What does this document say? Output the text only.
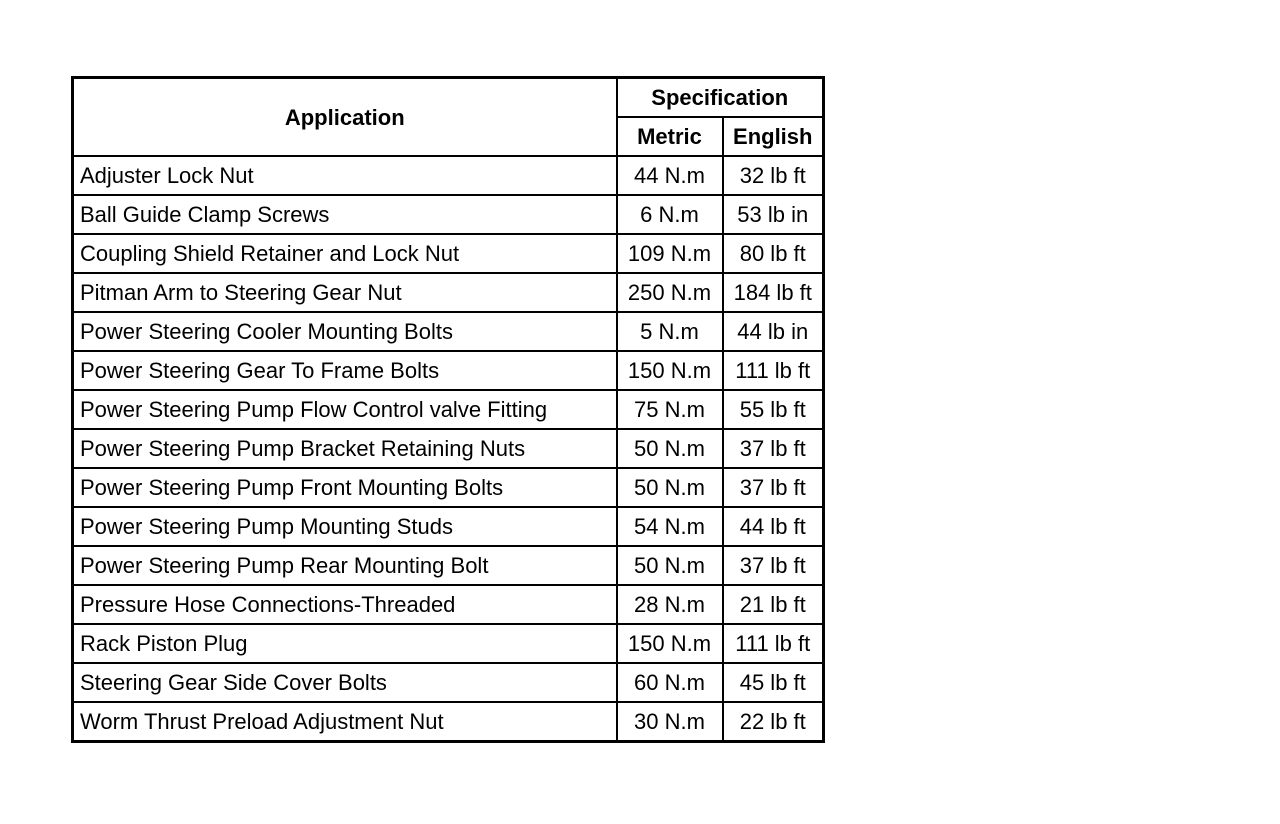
Application	Specification	
	Metric	English
Adjuster Lock Nut	44 N.m	32 lb ft
Ball Guide Clamp Screws	6 N.m	53 lb in
Coupling Shield Retainer and Lock Nut	109 N.m	80 lb ft
Pitman Arm to Steering Gear Nut	250 N.m	184 lb ft
Power Steering Cooler Mounting Bolts	5 N.m	44 lb in
Power Steering Gear To Frame Bolts	150 N.m	111 lb ft
Power Steering Pump Flow Control valve Fitting	75 N.m	55 lb ft
Power Steering Pump Bracket Retaining Nuts	50 N.m	37 lb ft
Power Steering Pump Front Mounting Bolts	50 N.m	37 lb ft
Power Steering Pump Mounting Studs	54 N.m	44 lb ft
Power Steering Pump Rear Mounting Bolt	50 N.m	37 lb ft
Pressure Hose Connections-Threaded	28 N.m	21 lb ft
Rack Piston Plug	150 N.m	111 lb ft
Steering Gear Side Cover Bolts	60 N.m	45 lb ft
Worm Thrust Preload Adjustment Nut	30 N.m	22 lb ft
